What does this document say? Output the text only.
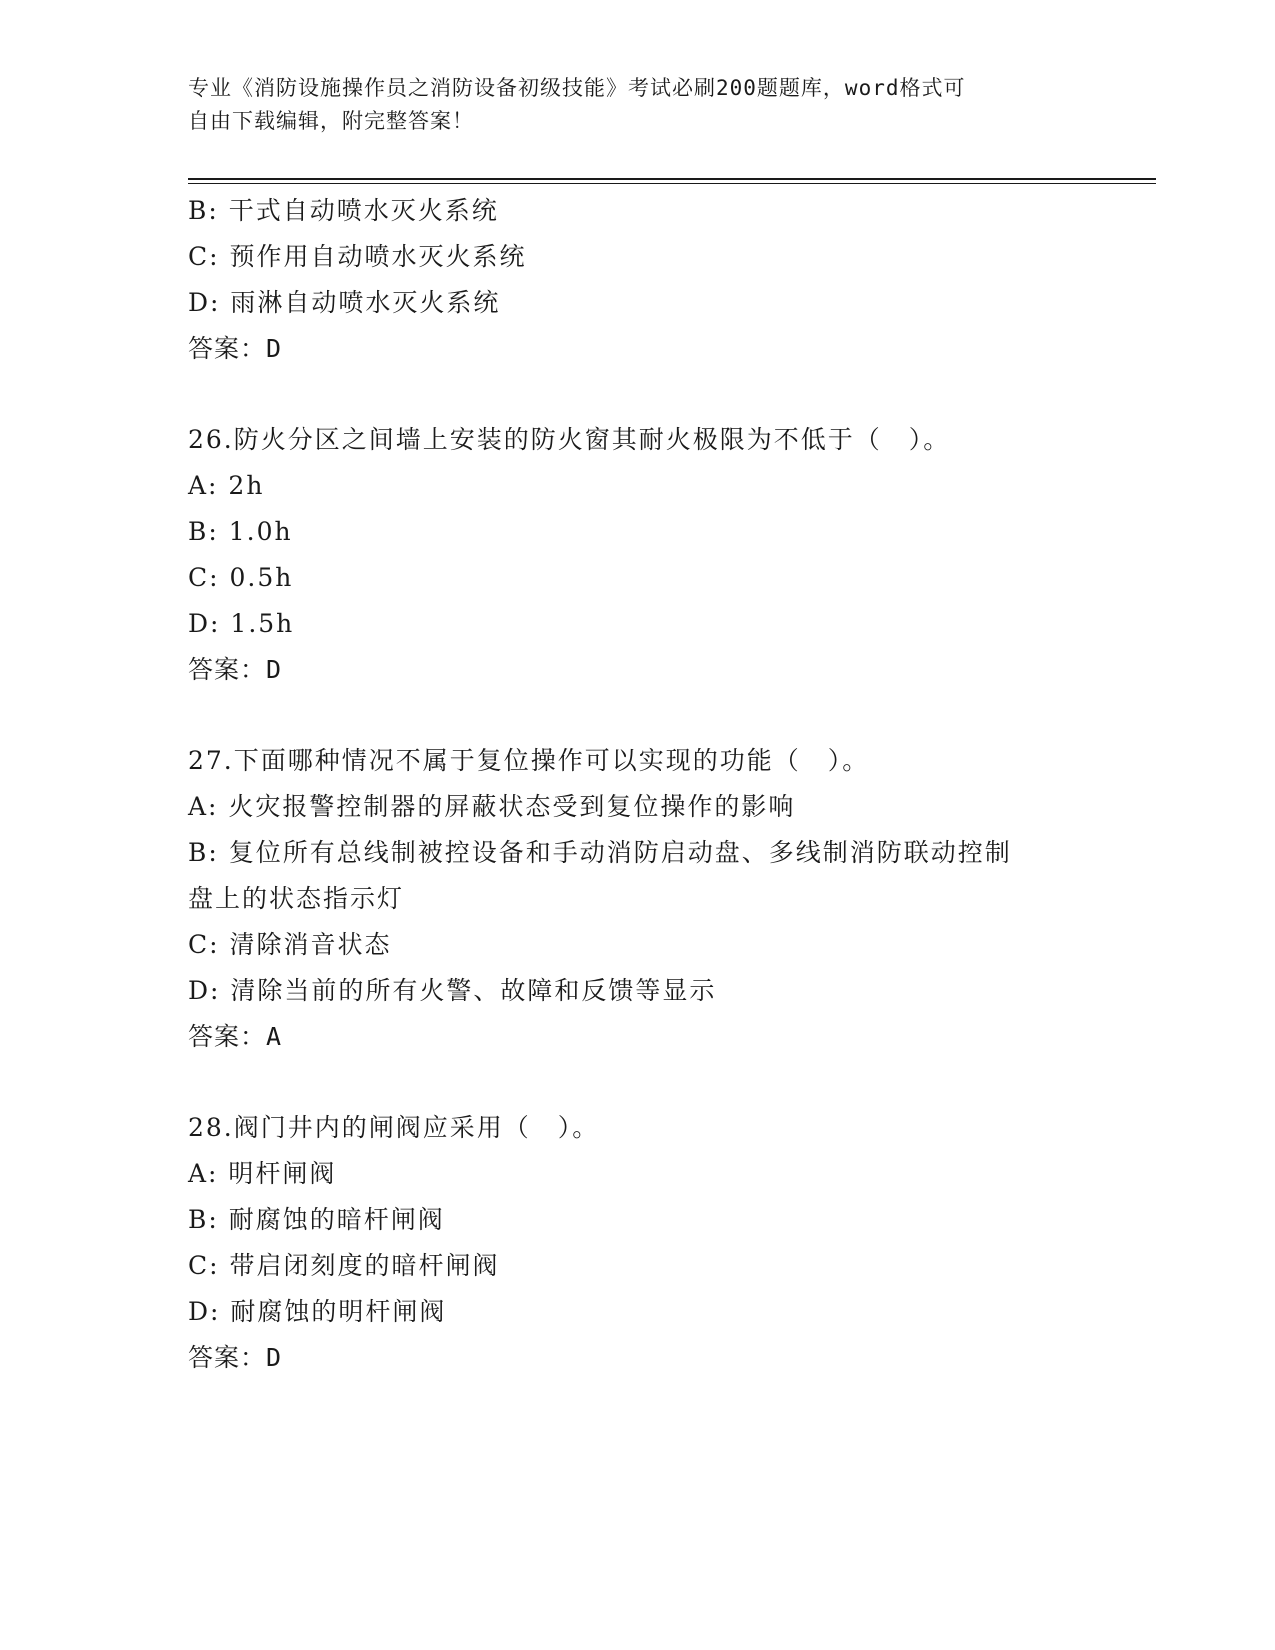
专业《消防设施操作员之消防设备初级技能》考试必刷200题题库，word格式可
自由下载编辑，附完整答案！
B: 干式自动喷水灭火系统
C: 预作用自动喷水灭火系统
D: 雨淋自动喷水灭火系统
答案：D
26.防火分区之间墙上安装的防火窗其耐火极限为不低于（　）。
A: 2h
B: 1.0h
C: 0.5h
D: 1.5h
答案：D
27.下面哪种情况不属于复位操作可以实现的功能（　）。
A: 火灾报警控制器的屏蔽状态受到复位操作的影响
B: 复位所有总线制被控设备和手动消防启动盘、多线制消防联动控制
盘上的状态指示灯
C: 清除消音状态
D: 清除当前的所有火警、故障和反馈等显示
答案：A
28.阀门井内的闸阀应采用（　）。
A: 明杆闸阀
B: 耐腐蚀的暗杆闸阀
C: 带启闭刻度的暗杆闸阀
D: 耐腐蚀的明杆闸阀
答案：D
